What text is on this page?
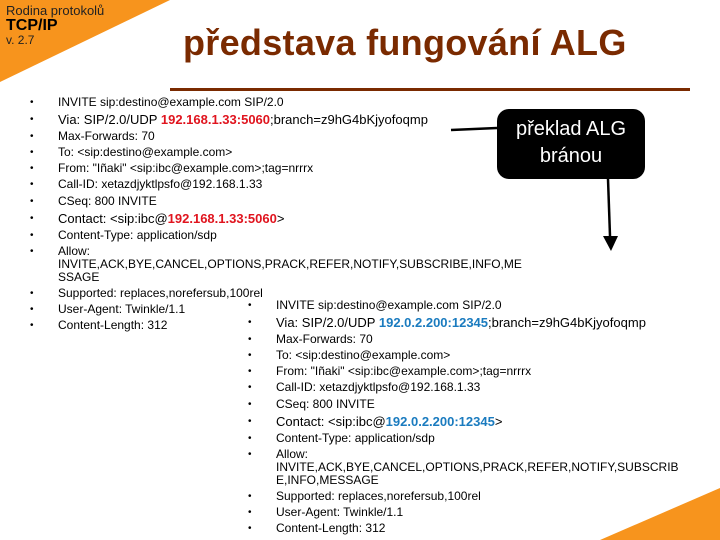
Rodina protokolů
TCP/IP
v. 2.7	představa fungování ALG
• INVITE sip:destino@example.com SIP/2.0
• Via: SIP/2.0/UDP 192.168.1.33:5060;branch=z9hG4bKjyofoqmp
• Max-Forwards: 70
• To: <sip:destino@example.com>
• From: "Iñaki" <sip:ibc@example.com>;tag=nrrrx
• Call-ID: xetazdjyktlpsfo@192.168.1.33
• CSeq: 800 INVITE
• Contact: <sip:ibc@192.168.1.33:5060>
• Content-Type: application/sdp
• Allow:
INVITE,ACK,BYE,CANCEL,OPTIONS,PRACK,REFER,NOTIFY,SUBSCRIBE,INFO,ME
SSAGE
• Supported: replaces,norefersub,100rel
• User-Agent: Twinkle/1.1
• Content-Length: 312
• INVITE sip:destino@example.com SIP/2.0
• Via: SIP/2.0/UDP 192.0.2.200:12345;branch=z9hG4bKjyofoqmp
• Max-Forwards: 70
• To: <sip:destino@example.com>
• From: "Iñaki" <sip:ibc@example.com>;tag=nrrrx
• Call-ID: xetazdjyktlpsfo@192.168.1.33
• CSeq: 800 INVITE
• Contact: <sip:ibc@192.0.2.200:12345>
• Content-Type: application/sdp
• Allow:
INVITE,ACK,BYE,CANCEL,OPTIONS,PRACK,REFER,NOTIFY,SUBSCRIB
E,INFO,MESSAGE
• Supported: replaces,norefersub,100rel
• User-Agent: Twinkle/1.1
• Content-Length: 312
překlad ALG
bránou
